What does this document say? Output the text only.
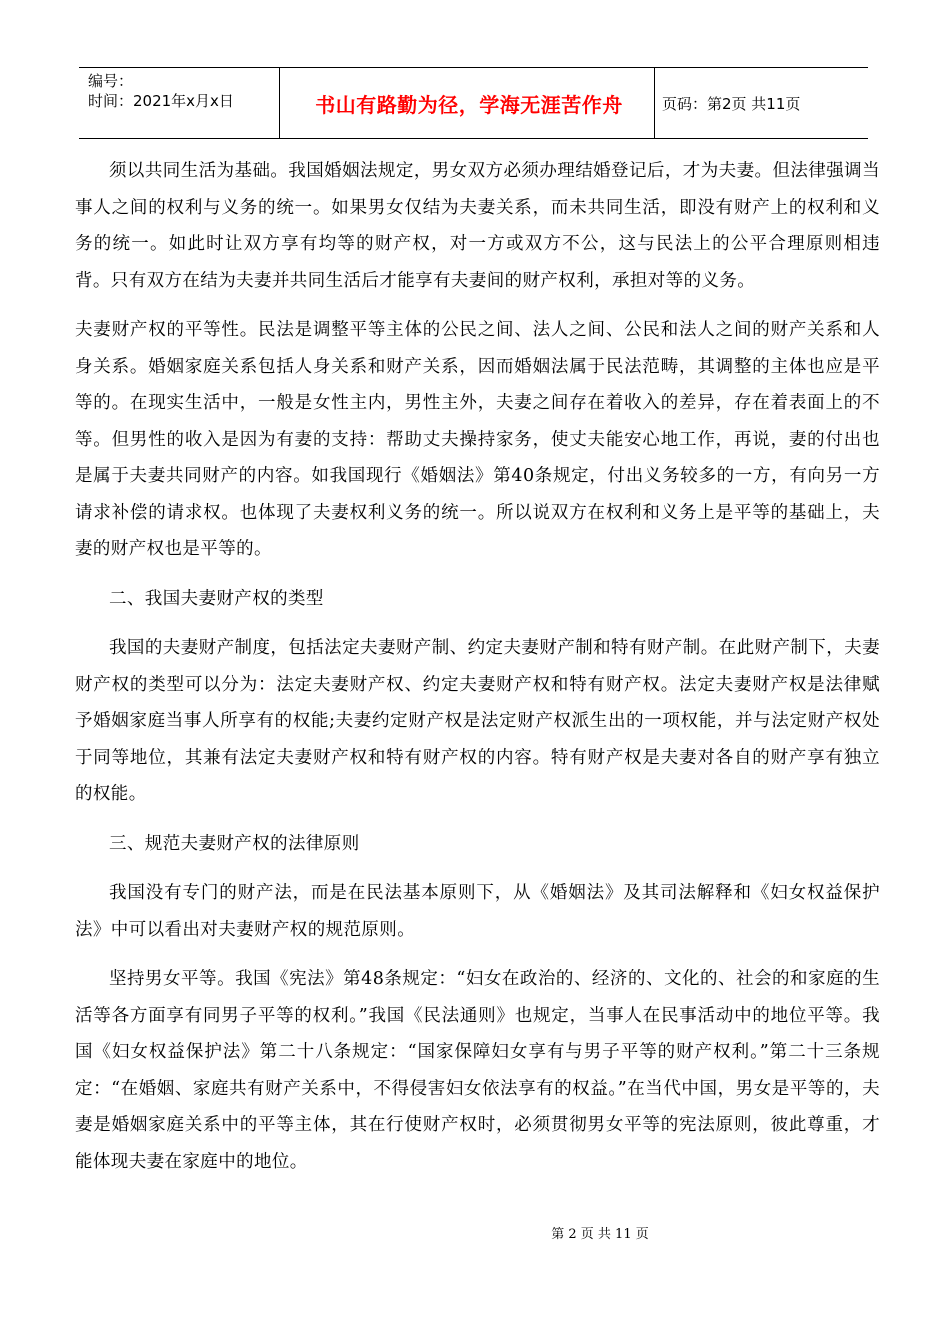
编号：
时间：2021年x月x日	书山有路勤为径，学海无涯苦作舟	页码：第2页 共11页

须以共同生活为基础。我国婚姻法规定，男女双方必须办理结婚登记后，才为夫妻。但法律强调当事人之间的权利与义务的统一。如果男女仅结为夫妻关系，而未共同生活，即没有财产上的权利和义务的统一。如此时让双方享有均等的财产权，对一方或双方不公，这与民法上的公平合理原则相违背。只有双方在结为夫妻并共同生活后才能享有夫妻间的财产权利，承担对等的义务。

夫妻财产权的平等性。民法是调整平等主体的公民之间、法人之间、公民和法人之间的财产关系和人身关系。婚姻家庭关系包括人身关系和财产关系，因而婚姻法属于民法范畴，其调整的主体也应是平等的。在现实生活中，一般是女性主内，男性主外，夫妻之间存在着收入的差异，存在着表面上的不等。但男性的收入是因为有妻的支持：帮助丈夫操持家务，使丈夫能安心地工作，再说，妻的付出也是属于夫妻共同财产的内容。如我国现行《婚姻法》第40条规定，付出义务较多的一方，有向另一方请求补偿的请求权。也体现了夫妻权利义务的统一。所以说双方在权利和义务上是平等的基础上，夫妻的财产权也是平等的。

二、我国夫妻财产权的类型

我国的夫妻财产制度，包括法定夫妻财产制、约定夫妻财产制和特有财产制。在此财产制下，夫妻财产权的类型可以分为：法定夫妻财产权、约定夫妻财产权和特有财产权。法定夫妻财产权是法律赋予婚姻家庭当事人所享有的权能;夫妻约定财产权是法定财产权派生出的一项权能，并与法定财产权处于同等地位，其兼有法定夫妻财产权和特有财产权的内容。特有财产权是夫妻对各自的财产享有独立的权能。

三、规范夫妻财产权的法律原则

我国没有专门的财产法，而是在民法基本原则下，从《婚姻法》及其司法解释和《妇女权益保护法》中可以看出对夫妻财产权的规范原则。

坚持男女平等。我国《宪法》第48条规定：“妇女在政治的、经济的、文化的、社会的和家庭的生活等各方面享有同男子平等的权利。”我国《民法通则》也规定，当事人在民事活动中的地位平等。我国《妇女权益保护法》第二十八条规定：“国家保障妇女享有与男子平等的财产权利。”第二十三条规定：“在婚姻、家庭共有财产关系中，不得侵害妇女依法享有的权益。”在当代中国，男女是平等的，夫妻是婚姻家庭关系中的平等主体，其在行使财产权时，必须贯彻男女平等的宪法原则，彼此尊重，才能体现夫妻在家庭中的地位。

第 2 页 共 11 页
